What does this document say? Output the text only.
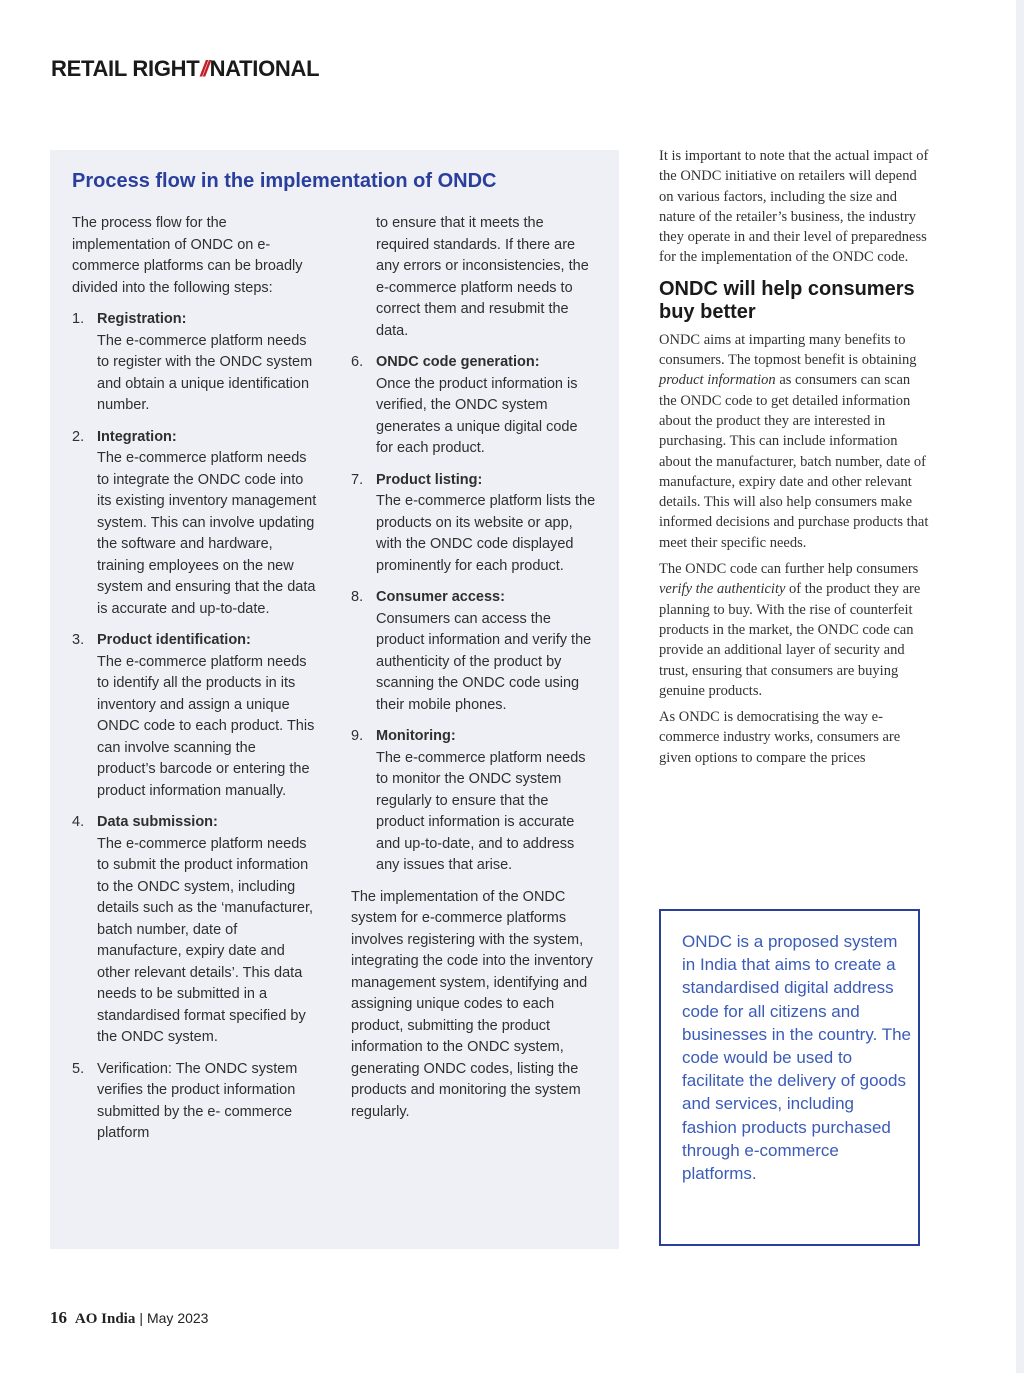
RETAIL RIGHT// NATIONAL
Process flow in the implementation of ONDC

The process flow for the implementation of ONDC on e-commerce platforms can be broadly divided into the following steps:

1. Registration:
The e-commerce platform needs to register with the ONDC system and obtain a unique identification number.
2. Integration:
The e-commerce platform needs to integrate the ONDC code into its existing inventory management system. This can involve updating the software and hardware, training employees on the new system and ensuring that the data is accurate and up-to-date.
3. Product identification:
The e-commerce platform needs to identify all the products in its inventory and assign a unique ONDC code to each product. This can involve scanning the product’s barcode or entering the product information manually.
4. Data submission:
The e-commerce platform needs to submit the product information to the ONDC system, including details such as the ‘manufacturer, batch number, date of manufacture, expiry date and other relevant details’. This data needs to be submitted in a standardised format specified by the ONDC system.
5. Verification: The ONDC system verifies the product information submitted by the e- commerce platform
to ensure that it meets the required standards. If there are any errors or inconsistencies, the e-commerce platform needs to correct them and resubmit the data.
6. ONDC code generation:
Once the product information is verified, the ONDC system generates a unique digital code for each product.
7. Product listing:
The e-commerce platform lists the products on its website or app, with the ONDC code displayed prominently for each product.
8. Consumer access:
Consumers can access the product information and verify the authenticity of the product by scanning the ONDC code using their mobile phones.
9. Monitoring:
The e-commerce platform needs to monitor the ONDC system regularly to ensure that the product information is accurate and up-to-date, and to address any issues that arise.

The implementation of the ONDC system for e-commerce platforms involves registering with the system, integrating the code into the inventory management system, identifying and assigning unique codes to each product, submitting the product information to the ONDC system, generating ONDC codes, listing the products and monitoring the system regularly.

It is important to note that the actual impact of the ONDC initiative on retailers will depend on various factors, including the size and nature of the retailer’s business, the industry they operate in and their level of preparedness for the implementation of the ONDC code.

ONDC will help consumers buy better

ONDC aims at imparting many benefits to consumers. The topmost benefit is obtaining product information as consumers can scan the ONDC code to get detailed information about the product they are interested in purchasing. This can include information about the manufacturer, batch number, date of manufacture, expiry date and other relevant details. This will also help consumers make informed decisions and purchase products that meet their specific needs.

The ONDC code can further help consumers verify the authenticity of the product they are planning to buy. With the rise of counterfeit products in the market, the ONDC code can provide an additional layer of security and trust, ensuring that consumers are buying genuine products.

As ONDC is democratising the way e-commerce industry works, consumers are given options to compare the prices

ONDC is a proposed system in India that aims to create a standardised digital address code for all citizens and businesses in the country. The code would be used to facilitate the delivery of goods and services, including fashion products purchased through e-commerce platforms.
16 AO India | May 2023
